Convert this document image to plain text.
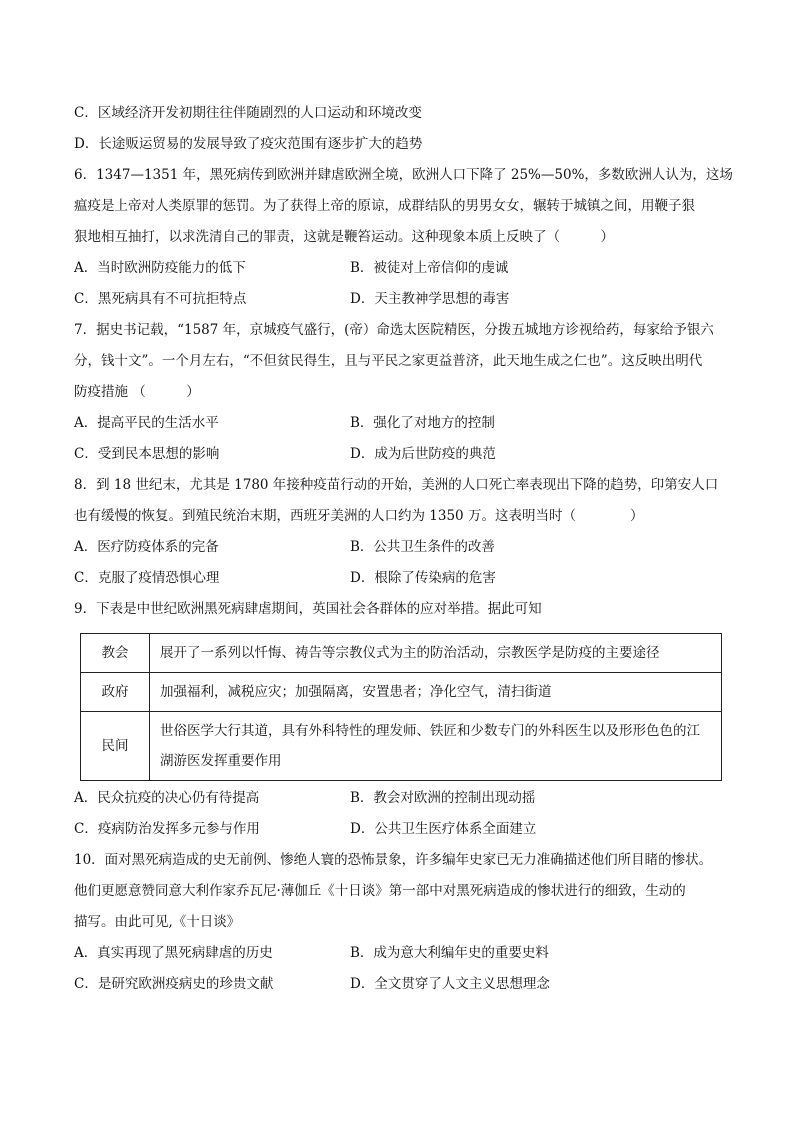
C．区域经济开发初期往往伴随剧烈的人口运动和环境改变
D．长途贩运贸易的发展导致了疫灾范围有逐步扩大的趋势
6．1347—1351 年，黑死病传到欧洲并肆虐欧洲全境，欧洲人口下降了 25%—50%，多数欧洲人认为，这场
瘟疫是上帝对人类原罪的惩罚。为了获得上帝的原谅，成群结队的男男女女，辗转于城镇之间，用鞭子狠
狠地相互抽打，以求洗清自己的罪责，这就是鞭笞运动。这种现象本质上反映了（　　　）
A．当时欧洲防疫能力的低下	B．被徒对上帝信仰的虔诚
C．黑死病具有不可抗拒特点	D．天主教神学思想的毒害
7．据史书记载，“1587 年，京城疫气盛行，(帝）命选太医院精医，分拨五城地方诊视给药，每家给予银六
分，钱十文”。一个月左右，“不但贫民得生，且与平民之家更益普济，此天地生成之仁也”。这反映出明代
防疫措施 （　　　）
A．提高平民的生活水平	B．强化了对地方的控制
C．受到民本思想的影响	D．成为后世防疫的典范
8．到 18 世纪末，尤其是 1780 年接种疫苗行动的开始，美洲的人口死亡率表现出下降的趋势，印第安人口
也有缓慢的恢复。到殖民统治末期，西班牙美洲的人口约为 1350 万。这表明当时（　　　　）
A．医疗防疫体系的完备	B．公共卫生条件的改善
C．克服了疫情恐惧心理	D．根除了传染病的危害
9．下表是中世纪欧洲黑死病肆虐期间，英国社会各群体的应对举措。据此可知
教会	展开了一系列以忏悔、祷告等宗教仪式为主的防治活动，宗教医学是防疫的主要途径
政府	加强福利，减税应灾；加强隔离，安置患者；净化空气，清扫街道
民间	世俗医学大行其道，具有外科特性的理发师、铁匠和少数专门的外科医生以及形形色色的江湖游医发挥重要作用
A．民众抗疫的决心仍有待提高	B．教会对欧洲的控制出现动摇
C．疫病防治发挥多元参与作用	D．公共卫生医疗体系全面建立
10．面对黑死病造成的史无前例、惨绝人寰的恐怖景象，许多编年史家已无力准确描述他们所目睹的惨状。
他们更愿意赞同意大利作家乔瓦尼·薄伽丘《十日谈》第一部中对黑死病造成的惨状进行的细致，生动的
描写。由此可见,《十日谈》
A．真实再现了黑死病肆虐的历史	B．成为意大利编年史的重要史料
C．是研究欧洲疫病史的珍贵文献	D．全文贯穿了人文主义思想理念
